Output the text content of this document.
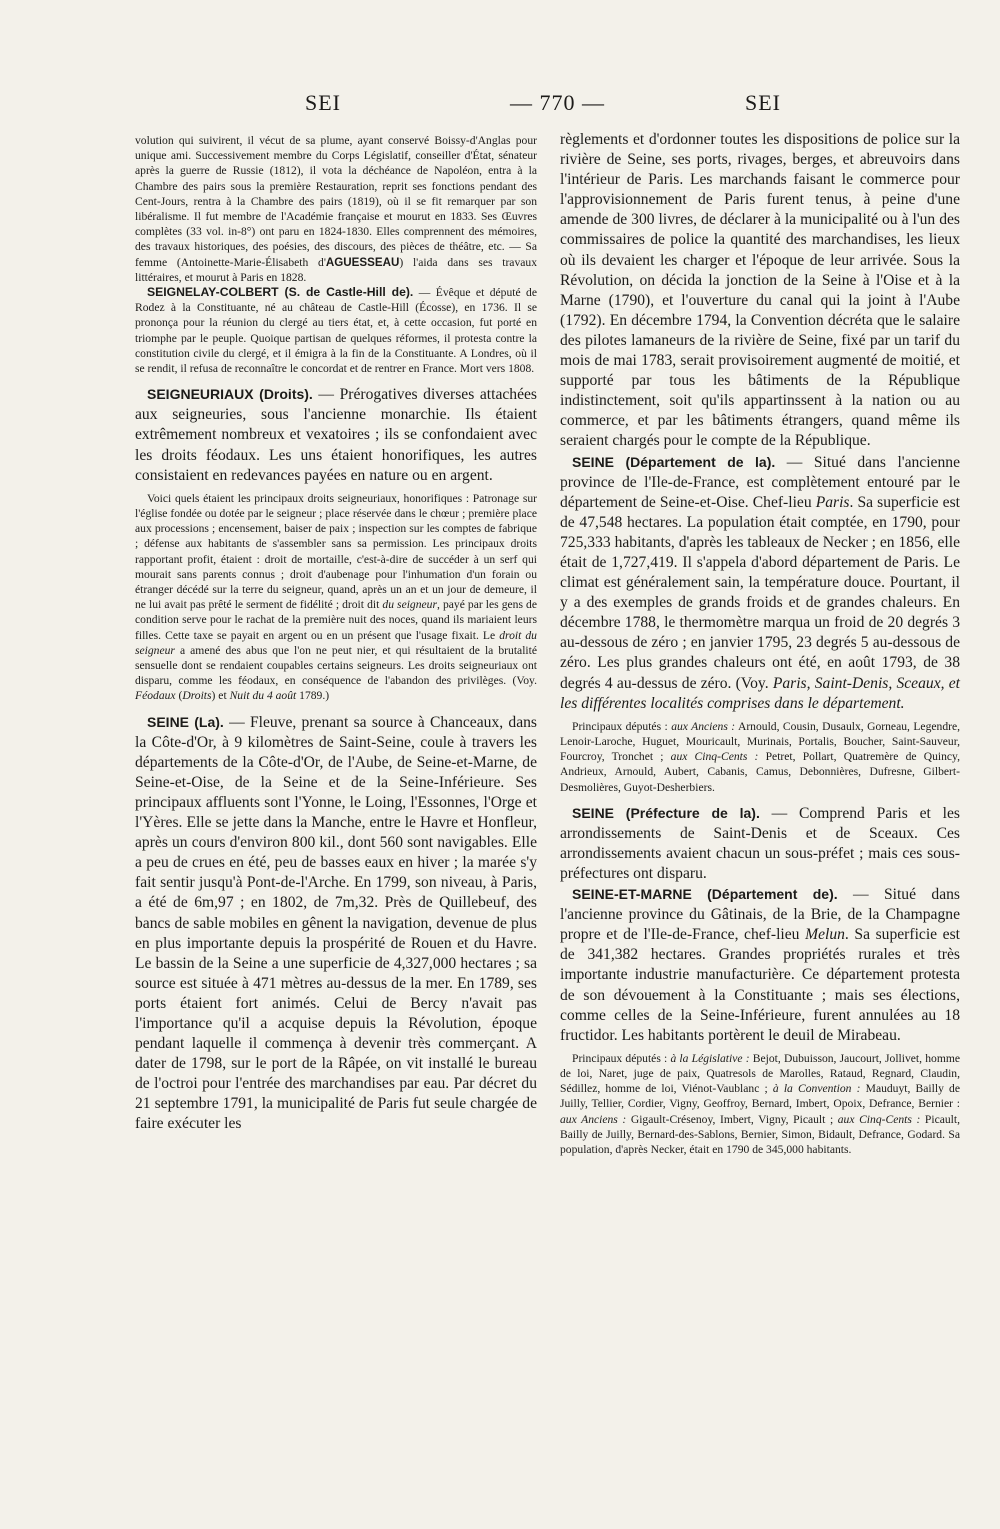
SEI	— 770 —	SEI

volution qui suivirent, il vécut de sa plume, ayant conservé Boissy-d'Anglas pour unique ami. Successivement membre du Corps Législatif, conseiller d'État, sénateur après la guerre de Russie (1812), il vota la déchéance de Napoléon, entra à la Chambre des pairs sous la première Restauration, reprit ses fonctions pendant des Cent-Jours, rentra à la Chambre des pairs (1819), où il se fit remarquer par son libéralisme. Il fut membre de l'Académie française et mourut en 1833. Ses Œuvres complètes (33 vol. in-8°) ont paru en 1824-1830. Elles comprennent des mémoires, des travaux historiques, des poésies, des discours, des pièces de théâtre, etc. — Sa femme (Antoinette-Marie-Élisabeth d'AGUESSEAU) l'aida dans ses travaux littéraires, et mourut à Paris en 1828.

SEIGNELAY-COLBERT (S. de Castle-Hill de). — Évêque et député de Rodez à la Constituante, né au château de Castle-Hill (Écosse), en 1736. Il se prononça pour la réunion du clergé au tiers état, et, à cette occasion, fut porté en triomphe par le peuple. Quoique partisan de quelques réformes, il protesta contre la constitution civile du clergé, et il émigra à la fin de la Constituante. A Londres, où il se rendit, il refusa de reconnaître le concordat et de rentrer en France. Mort vers 1808.

SEIGNEURIAUX (Droits). — Prérogatives diverses attachées aux seigneuries, sous l'ancienne monarchie. Ils étaient extrêmement nombreux et vexatoires ; ils se confondaient avec les droits féodaux. Les uns étaient honorifiques, les autres consistaient en redevances payées en nature ou en argent.

Voici quels étaient les principaux droits seigneuriaux, honorifiques : Patronage sur l'église fondée ou dotée par le seigneur ; place réservée dans le chœur ; première place aux processions ; encensement, baiser de paix ; inspection sur les comptes de fabrique ; défense aux habitants de s'assembler sans sa permission. Les principaux droits rapportant profit, étaient : droit de mortaille, c'est-à-dire de succéder à un serf qui mourait sans parents connus ; droit d'aubenage pour l'inhumation d'un forain ou étranger décédé sur la terre du seigneur, quand, après un an et un jour de demeure, il ne lui avait pas prêté le serment de fidélité ; droit dit du seigneur, payé par les gens de condition serve pour le rachat de la première nuit des noces, quand ils mariaient leurs filles. Cette taxe se payait en argent ou en un présent que l'usage fixait. Le droit du seigneur a amené des abus que l'on ne peut nier, et qui résultaient de la brutalité sensuelle dont se rendaient coupables certains seigneurs. Les droits seigneuriaux ont disparu, comme les féodaux, en conséquence de l'abandon des privilèges. (Voy. Féodaux (Droits) et Nuit du 4 août 1789.)

SEINE (La). — Fleuve, prenant sa source à Chanceaux, dans la Côte-d'Or, à 9 kilomètres de Saint-Seine, coule à travers les départements de la Côte-d'Or, de l'Aube, de Seine-et-Marne, de Seine-et-Oise, de la Seine et de la Seine-Inférieure. Ses principaux affluents sont l'Yonne, le Loing, l'Essonnes, l'Orge et l'Yères. Elle se jette dans la Manche, entre le Havre et Honfleur, après un cours d'environ 800 kil., dont 560 sont navigables. Elle a peu de crues en été, peu de basses eaux en hiver ; la marée s'y fait sentir jusqu'à Pont-de-l'Arche. En 1799, son niveau, à Paris, a été de 6m,97 ; en 1802, de 7m,32. Près de Quillebeuf, des bancs de sable mobiles en gênent la navigation, devenue de plus en plus importante depuis la prospérité de Rouen et du Havre. Le bassin de la Seine a une superficie de 4,327,000 hectares ; sa source est située à 471 mètres au-dessus de la mer. En 1789, ses ports étaient fort animés. Celui de Bercy n'avait pas l'importance qu'il a acquise depuis la Révolution, époque pendant laquelle il commença à devenir très commerçant. A dater de 1798, sur le port de la Râpée, on vit installé le bureau de l'octroi pour l'entrée des marchandises par eau. Par décret du 21 septembre 1791, la municipalité de Paris fut seule chargée de faire exécuter les

règlements et d'ordonner toutes les dispositions de police sur la rivière de Seine, ses ports, rivages, berges, et abreuvoirs dans l'intérieur de Paris. Les marchands faisant le commerce pour l'approvisionnement de Paris furent tenus, à peine d'une amende de 300 livres, de déclarer à la municipalité ou à l'un des commissaires de police la quantité des marchandises, les lieux où ils devaient les charger et l'époque de leur arrivée. Sous la Révolution, on décida la jonction de la Seine à l'Oise et à la Marne (1790), et l'ouverture du canal qui la joint à l'Aube (1792). En décembre 1794, la Convention décréta que le salaire des pilotes lamaneurs de la rivière de Seine, fixé par un tarif du mois de mai 1783, serait provisoirement augmenté de moitié, et supporté par tous les bâtiments de la République indistinctement, soit qu'ils appartinssent à la nation ou au commerce, et par les bâtiments étrangers, quand même ils seraient chargés pour le compte de la République.

SEINE (Département de la). — Situé dans l'ancienne province de l'Ile-de-France, est complètement entouré par le département de Seine-et-Oise. Chef-lieu Paris. Sa superficie est de 47,548 hectares. La population était comptée, en 1790, pour 725,333 habitants, d'après les tableaux de Necker ; en 1856, elle était de 1,727,419. Il s'appela d'abord département de Paris. Le climat est généralement sain, la température douce. Pourtant, il y a des exemples de grands froids et de grandes chaleurs. En décembre 1788, le thermomètre marqua un froid de 20 degrés 3 au-dessous de zéro ; en janvier 1795, 23 degrés 5 au-dessous de zéro. Les plus grandes chaleurs ont été, en août 1793, de 38 degrés 4 au-dessus de zéro. (Voy. Paris, Saint-Denis, Sceaux, et les différentes localités comprises dans le département.

Principaux députés : aux Anciens : Arnould, Cousin, Dusaulx, Gorneau, Legendre, Lenoir-Laroche, Huguet, Mouricault, Murinais, Portalis, Boucher, Saint-Sauveur, Fourcroy, Tronchet ; aux Cinq-Cents : Petret, Pollart, Quatremère de Quincy, Andrieux, Arnould, Aubert, Cabanis, Camus, Debonnières, Dufresne, Gilbert-Desmolières, Guyot-Desherbiers.

SEINE (Préfecture de la). — Comprend Paris et les arrondissements de Saint-Denis et de Sceaux. Ces arrondissements avaient chacun un sous-préfet ; mais ces sous-préfectures ont disparu.

SEINE-ET-MARNE (Département de). — Situé dans l'ancienne province du Gâtinais, de la Brie, de la Champagne propre et de l'Ile-de-France, chef-lieu Melun. Sa superficie est de 341,382 hectares. Grandes propriétés rurales et très importante industrie manufacturière. Ce département protesta de son dévouement à la Constituante ; mais ses élections, comme celles de la Seine-Inférieure, furent annulées au 18 fructidor. Les habitants portèrent le deuil de Mirabeau.

Principaux députés : à la Législative : Bejot, Dubuisson, Jaucourt, Jollivet, homme de loi, Naret, juge de paix, Quatresols de Marolles, Rataud, Regnard, Claudin, Sédillez, homme de loi, Viénot-Vaublanc ; à la Convention : Mauduyt, Bailly de Juilly, Tellier, Cordier, Vigny, Geoffroy, Bernard, Imbert, Opoix, Defrance, Bernier : aux Anciens : Gigault-Crésenoy, Imbert, Vigny, Picault ; aux Cinq-Cents : Picault, Bailly de Juilly, Bernard-des-Sablons, Bernier, Simon, Bidault, Defrance, Godard. Sa population, d'après Necker, était en 1790 de 345,000 habitants.
